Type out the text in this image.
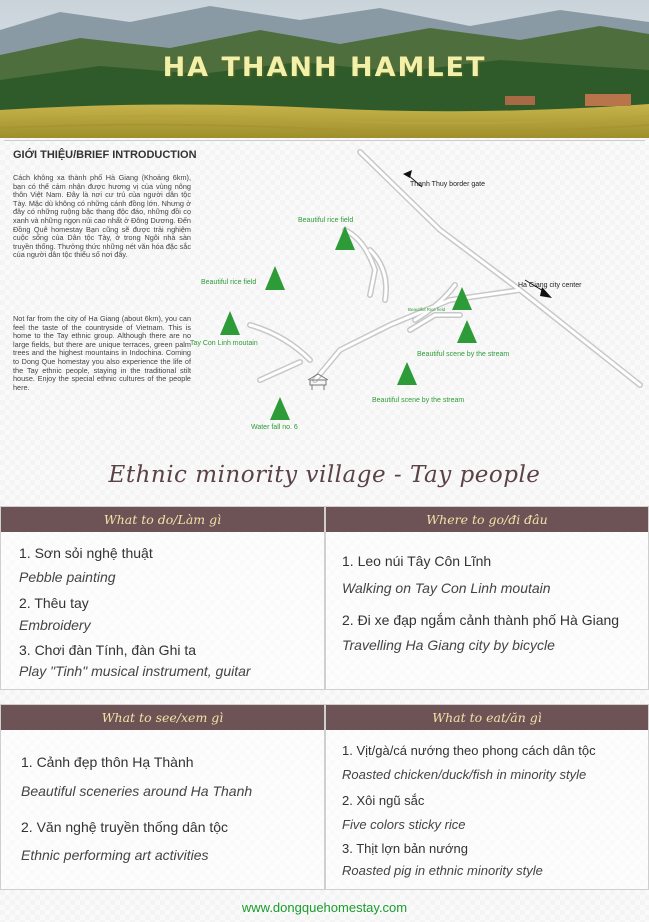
HA THANH HAMLET
GIỚI THIỆU/BRIEF INTRODUCTION
Cách không xa thành phố Hà Giang (Khoảng 6km), bạn có thể cảm nhận được hương vị của vùng nông thôn Việt Nam. Đây là nơi cư trú của người dân tộc Tày. Mặc dù không có những cánh đồng lớn. Nhưng ở đây có những ruộng bậc thang độc đáo, những đồi cọ xanh và những ngọn núi cao nhất ở Đông Dương. Đến Đồng Quê homestay Bạn cũng sẽ được trải nghiệm cuộc sống của Dân tộc Tày, ở trong Ngôi nhà sàn truyền thống. Thưởng thức những nét văn hóa đặc sắc của người dân tộc thiểu số nơi đây.
Not far from the city of Ha Giang (about 6km), you can feel the taste of the countryside of Vietnam. This is home to the Tay ethnic group. Although there are no large fields, but there are unique terraces, green palm trees and the highest mountains in Indochina. Coming to Dong Que homestay you also experience the life of the Tay ethnic people, staying in the traditional stilt house. Enjoy the special ethnic cultures of the people here.
Thanh Thuy border gate
Beautiful rice field
Beautiful rice field
Beautiful Rice field
Ha Giang city center
Tay Con Linh moutain
Beautiful scene by the stream
Beautiful scene by the stream
Water fall no. 6
Ethnic minority village - Tay people
What to do/Làm gì
1. Sơn sỏi nghệ thuật
Pebble painting
2. Thêu tay
Embroidery
3. Chơi đàn Tính, đàn Ghi ta
Play "Tinh" musical instrument, guitar
Where to go/đi đâu
1. Leo núi Tây Côn Lĩnh
Walking on Tay Con Linh moutain
2. Đi xe đạp ngắm cảnh thành phố Hà Giang
Travelling Ha Giang city by bicycle
What to see/xem gì
1. Cảnh đẹp thôn Hạ Thành
Beautiful sceneries around Ha Thanh
2. Văn nghệ truyền thống dân tộc
Ethnic performing art activities
What to eat/ăn gì
1. Vịt/gà/cá nướng theo phong cách dân tộc
Roasted chicken/duck/fish in minority style
2. Xôi ngũ sắc
Five colors sticky rice
3. Thịt lợn bản nướng
Roasted pig in ethnic minority style
www.dongquehomestay.com
